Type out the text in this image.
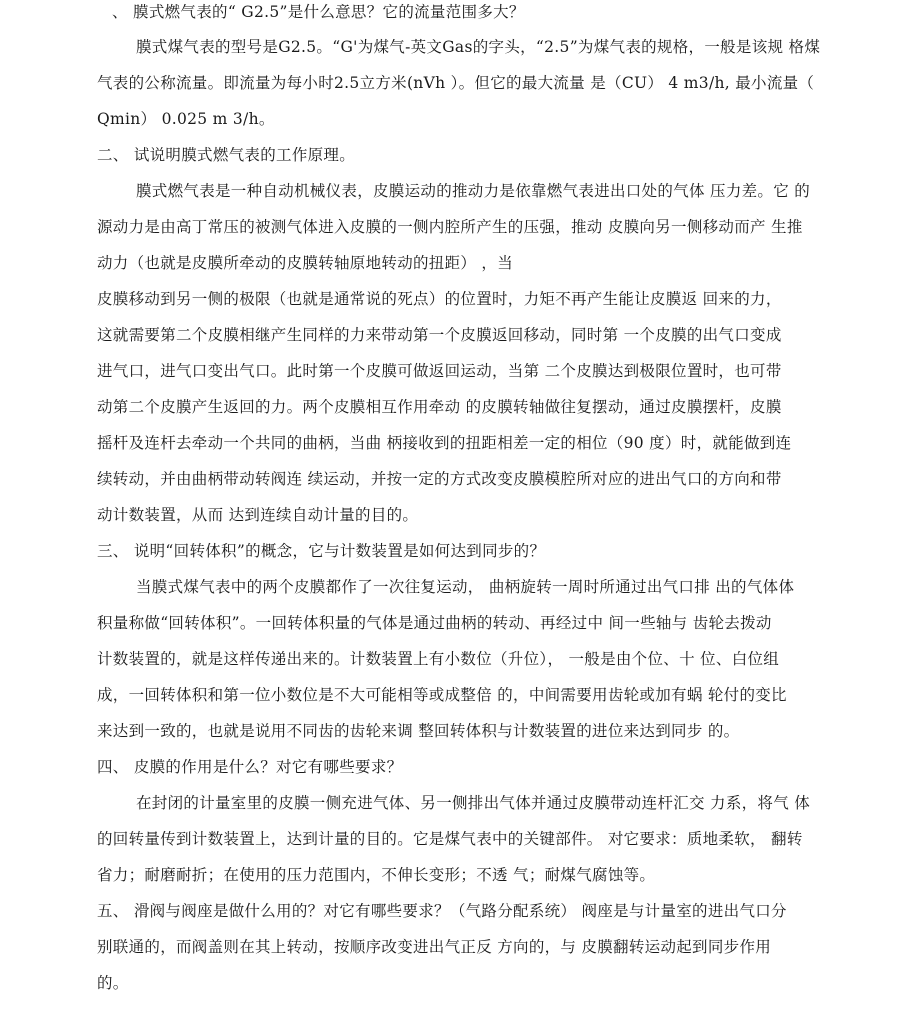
、 膜式燃气表的“ G2.5”是什么意思？它的流量范围多大？
膜式煤气表的型号是G2.5。“G'为煤气-英文Gas的字头，“2.5”为煤气表的规格，一般是该规 格煤
气表的公称流量。即流量为每小时2.5立方米(nVh ）。但它的最大流量 是（CU） 4 m3/h, 最小流量（
Qmin） 0.025 m 3/h。
二、 试说明膜式燃气表的工作原理。
膜式燃气表是一种自动机械仪表，皮膜运动的推动力是依靠燃气表进出口处的气体 压力差。它 的
源动力是由高丁常压的被测气体进入皮膜的一侧内腔所产生的压强，推动 皮膜向另一侧移动而产 生推
动力（也就是皮膜所牵动的皮膜转轴原地转动的扭距） ，当
皮膜移动到另一侧的极限（也就是通常说的死点）的位置时，力矩不再产生能让皮膜返 回来的力，
这就需要第二个皮膜相继产生同样的力来带动第一个皮膜返回移动，同时第 一个皮膜的出气口变成
进气口，进气口变出气口。此时第一个皮膜可做返回运动，当第 二个皮膜达到极限位置时，也可带
动第二个皮膜产生返回的力。两个皮膜相互作用牵动 的皮膜转轴做往复摆动，通过皮膜摆杆，皮膜
摇杆及连杆去牵动一个共同的曲柄，当曲 柄接收到的扭距相差一定的相位（90 度）时，就能做到连
续转动，并由曲柄带动转阀连 续运动，并按一定的方式改变皮膜模腔所对应的进出气口的方向和带
动计数装置，从而 达到连续自动计量的目的。
三、 说明“回转体积”的概念，它与计数装置是如何达到同步的？
当膜式煤气表中的两个皮膜都作了一次往复运动， 曲柄旋转一周时所通过出气口排 出的气体体
积量称做“回转体积”。一回转体积量的气体是通过曲柄的转动、再经过中 间一些轴与 齿轮去拨动
计数装置的，就是这样传递出来的。计数装置上有小数位（升位）， 一般是由个位、十 位、白位组
成，一回转体积和第一位小数位是不大可能相等或成整倍 的，中间需要用齿轮或加有蜗 轮付的变比
来达到一致的，也就是说用不同齿的齿轮来调 整回转体积与计数装置的进位来达到同步 的。
四、 皮膜的作用是什么？对它有哪些要求？
在封闭的计量室里的皮膜一侧充进气体、另一侧排出气体并通过皮膜带动连杆汇交 力系，将气 体
的回转量传到计数装置上，达到计量的目的。它是煤气表中的关键部件。 对它要求：质地柔软， 翻转
省力；耐磨耐折；在使用的压力范围内，不伸长变形；不透 气；耐煤气腐蚀等。
五、 滑阀与阀座是做什么用的？对它有哪些要求？（气路分配系统） 阀座是与计量室的进出气口分
别联通的，而阀盖则在其上转动，按顺序改变进出气正反 方向的，与 皮膜翻转运动起到同步作用
的。
